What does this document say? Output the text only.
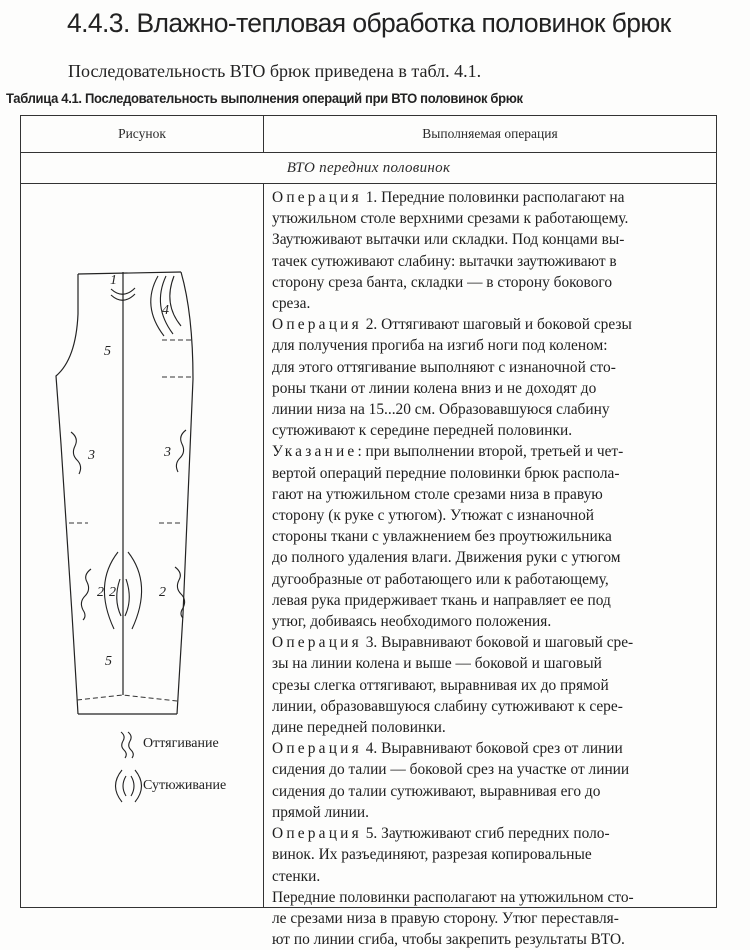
4.4.3. Влажно-тепловая обработка половинок брюк
Последовательность ВТО брюк приведена в табл. 4.1.
Таблица 4.1. Последовательность выполнения операций при ВТО половинок брюк
Рисунок	Выполняемая операция
ВТО передних половинок
1
4
5
3	3
2 2	2
5
Оттягивание
Сутюживание
Операция 1. Передние половинки располагают на
утюжильном столе верхними срезами к работающему.
Заутюживают вытачки или складки. Под концами вы-
тачек сутюживают слабину: вытачки заутюживают в
сторону среза банта, складки — в сторону бокового
среза.
Операция 2. Оттягивают шаговый и боковой срезы
для получения прогиба на изгиб ноги под коленом:
для этого оттягивание выполняют с изнаночной сто-
роны ткани от линии колена вниз и не доходят до
линии низа на 15...20 см. Образовавшуюся слабину
сутюживают к середине передней половинки.
Указание: при выполнении второй, третьей и чет-
вертой операций передние половинки брюк распола-
гают на утюжильном столе срезами низа в правую
сторону (к руке с утюгом). Утюжат с изнаночной
стороны ткани с увлажнением без проутюжильника
до полного удаления влаги. Движения руки с утюгом
дугообразные от работающего или к работающему,
левая рука придерживает ткань и направляет ее под
утюг, добиваясь необходимого положения.
Операция 3. Выравнивают боковой и шаговый сре-
зы на линии колена и выше — боковой и шаговый
срезы слегка оттягивают, выравнивая их до прямой
линии, образовавшуюся слабину сутюживают к сере-
дине передней половинки.
Операция 4. Выравнивают боковой срез от линии
сидения до талии — боковой срез на участке от линии
сидения до талии сутюживают, выравнивая его до
прямой линии.
Операция 5. Заутюживают сгиб передних поло-
винок. Их разъединяют, разрезая копировальные
стенки.
Передние половинки располагают на утюжильном сто-
ле срезами низа в правую сторону. Утюг переставля-
ют по линии сгиба, чтобы закрепить результаты ВТО.
